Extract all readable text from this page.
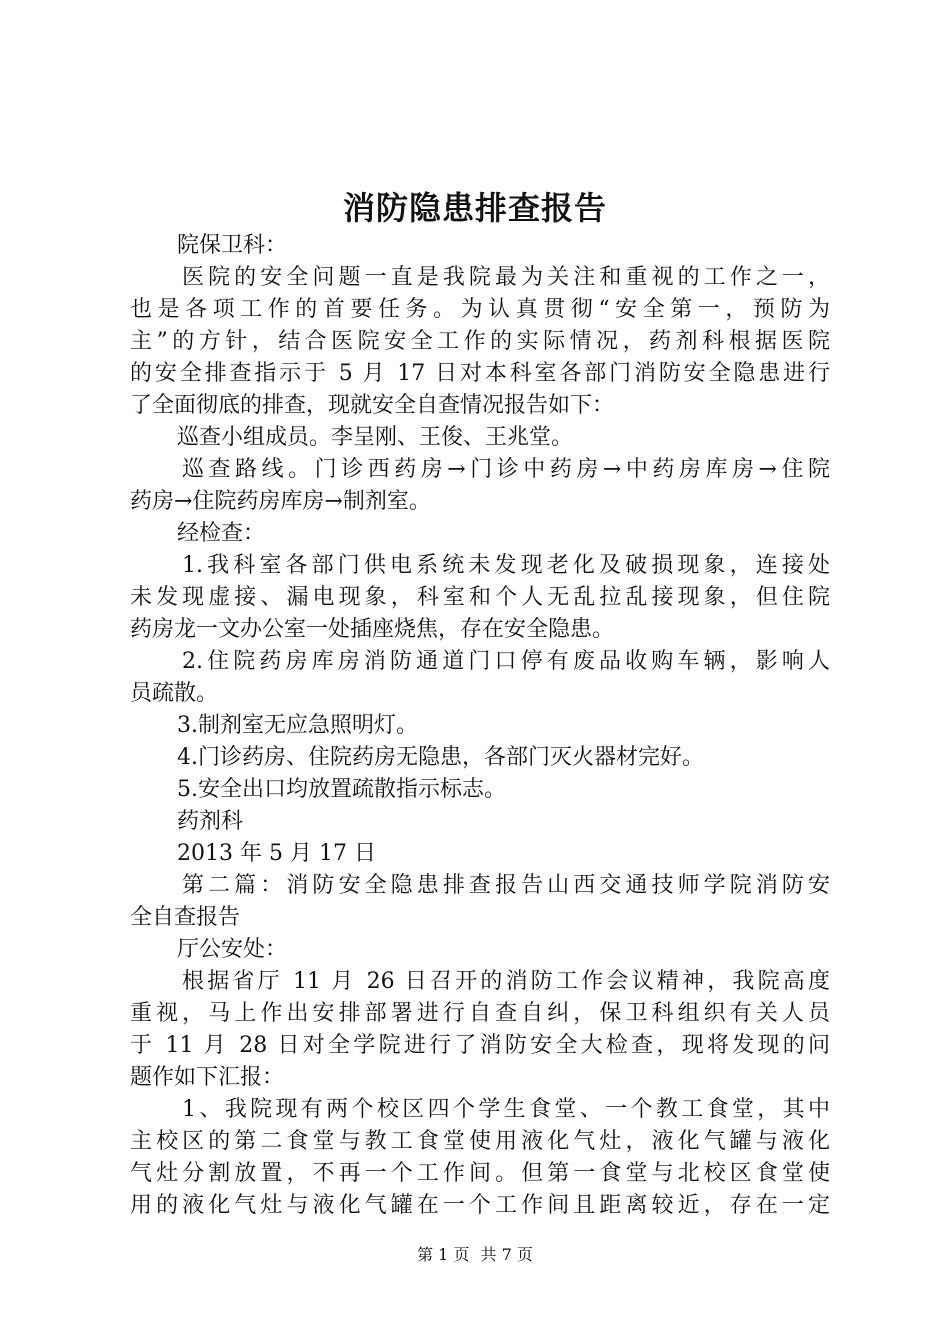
消防隐患排查报告
院保卫科：
医院的安全问题一直是我院最为关注和重视的工作之一，
也是各项工作的首要任务。为认真贯彻“安全第一，预防为
主”的方针，结合医院安全工作的实际情况，药剂科根据医院
的安全排查指示于 5 月 17 日对本科室各部门消防安全隐患进行
了全面彻底的排查，现就安全自查情况报告如下：
巡查小组成员。李呈刚、王俊、王兆堂。
巡查路线。门诊西药房→门诊中药房→中药房库房→住院
药房→住院药房库房→制剂室。
经检查：
1.我科室各部门供电系统未发现老化及破损现象，连接处
未发现虚接、漏电现象，科室和个人无乱拉乱接现象，但住院
药房龙一文办公室一处插座烧焦，存在安全隐患。
2.住院药房库房消防通道门口停有废品收购车辆，影响人
员疏散。
3.制剂室无应急照明灯。
4.门诊药房、住院药房无隐患，各部门灭火器材完好。
5.安全出口均放置疏散指示标志。
药剂科
2013 年 5 月 17 日
第二篇：消防安全隐患排查报告山西交通技师学院消防安
全自查报告
厅公安处：
根据省厅 11 月 26 日召开的消防工作会议精神，我院高度
重视，马上作出安排部署进行自查自纠，保卫科组织有关人员
于 11 月 28 日对全学院进行了消防安全大检查，现将发现的问
题作如下汇报：
1、我院现有两个校区四个学生食堂、一个教工食堂，其中
主校区的第二食堂与教工食堂使用液化气灶，液化气罐与液化
气灶分割放置，不再一个工作间。但第一食堂与北校区食堂使
用的液化气灶与液化气罐在一个工作间且距离较近，存在一定
第 1 页 共 7 页
